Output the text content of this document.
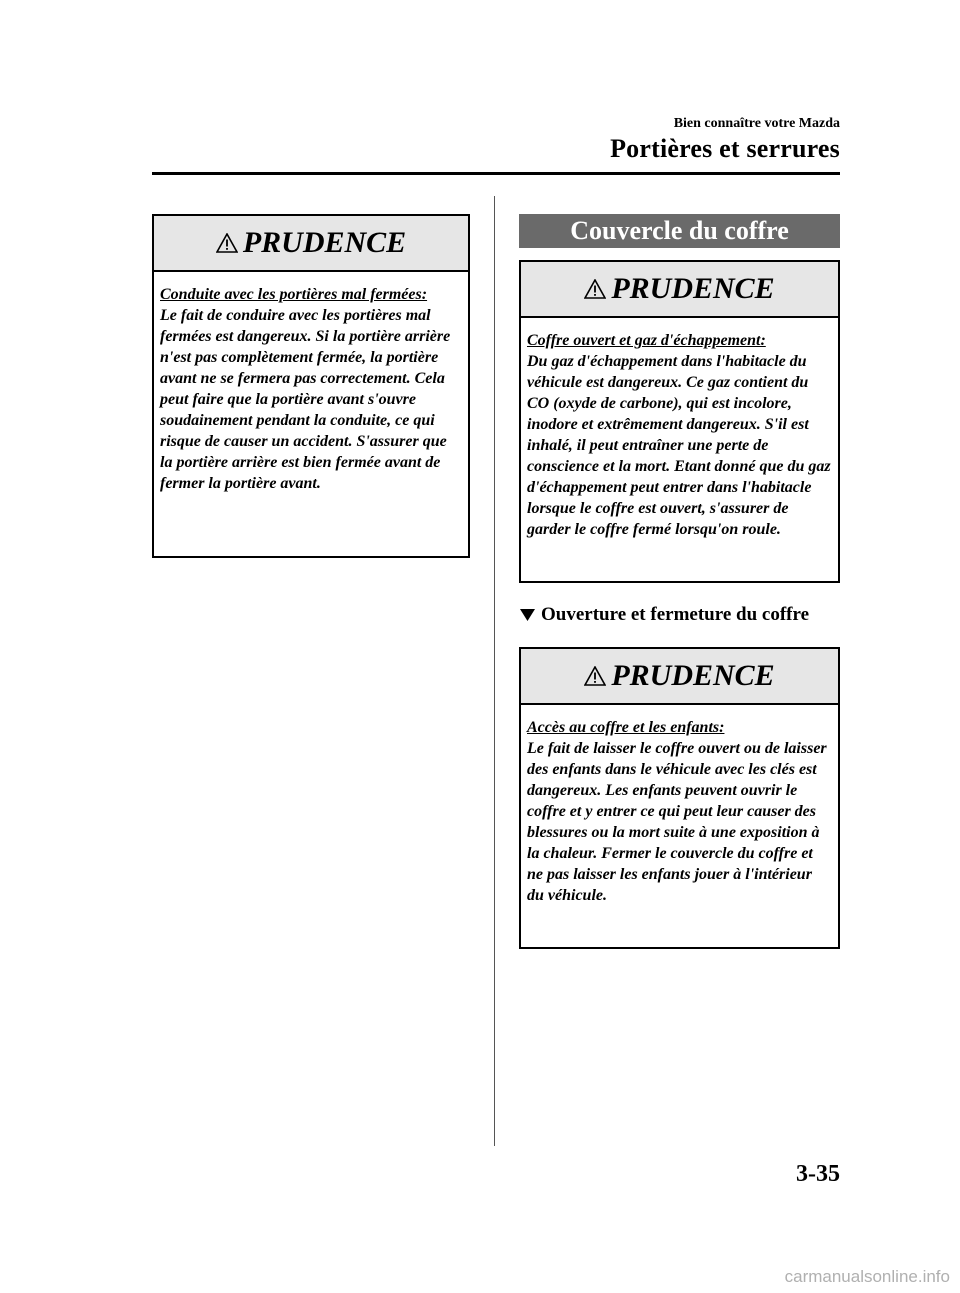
Bien connaître votre Mazda
Portières et serrures
PRUDENCE
Conduite avec les portières mal fermées:
Le fait de conduire avec les portières mal fermées est dangereux. Si la portière arrière n'est pas complètement fermée, la portière avant ne se fermera pas correctement. Cela peut faire que la portière avant s'ouvre soudainement pendant la conduite, ce qui risque de causer un accident. S'assurer que la portière arrière est bien fermée avant de fermer la portière avant.
Couvercle du coffre
PRUDENCE
Coffre ouvert et gaz d'échappement:
Du gaz d'échappement dans l'habitacle du véhicule est dangereux. Ce gaz contient du CO (oxyde de carbone), qui est incolore, inodore et extrêmement dangereux. S'il est inhalé, il peut entraîner une perte de conscience et la mort. Etant donné que du gaz d'échappement peut entrer dans l'habitacle lorsque le coffre est ouvert, s'assurer de garder le coffre fermé lorsqu'on roule.
Ouverture et fermeture du coffre
PRUDENCE
Accès au coffre et les enfants:
Le fait de laisser le coffre ouvert ou de laisser des enfants dans le véhicule avec les clés est dangereux. Les enfants peuvent ouvrir le coffre et y entrer ce qui peut leur causer des blessures ou la mort suite à une exposition à la chaleur. Fermer le couvercle du coffre et ne pas laisser les enfants jouer à l'intérieur du véhicule.
3-35
carmanualsonline.info
